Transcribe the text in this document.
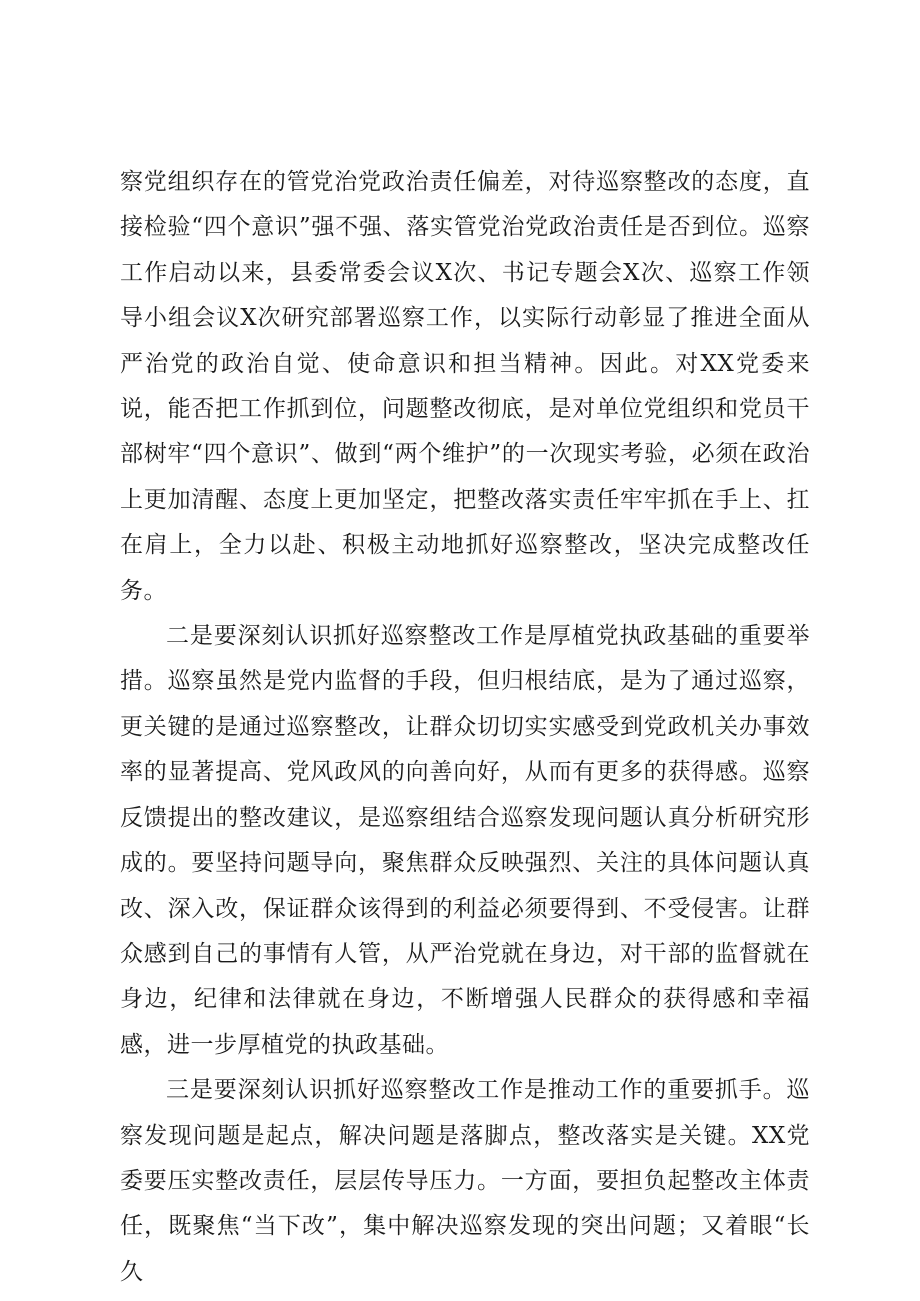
察党组织存在的管党治党政治责任偏差，对待巡察整改的态度，直接检验“四个意识”强不强、落实管党治党政治责任是否到位。巡察工作启动以来，县委常委会议X次、书记专题会X次、巡察工作领导小组会议X次研究部署巡察工作，以实际行动彰显了推进全面从严治党的政治自觉、使命意识和担当精神。因此。对XX党委来说，能否把工作抓到位，问题整改彻底，是对单位党组织和党员干部树牢“四个意识”、做到“两个维护”的一次现实考验，必须在政治上更加清醒、态度上更加坚定，把整改落实责任牢牢抓在手上、扛在肩上，全力以赴、积极主动地抓好巡察整改，坚决完成整改任务。

二是要深刻认识抓好巡察整改工作是厚植党执政基础的重要举措。巡察虽然是党内监督的手段，但归根结底，是为了通过巡察，更关键的是通过巡察整改，让群众切切实实感受到党政机关办事效率的显著提高、党风政风的向善向好，从而有更多的获得感。巡察反馈提出的整改建议，是巡察组结合巡察发现问题认真分析研究形成的。要坚持问题导向，聚焦群众反映强烈、关注的具体问题认真改、深入改，保证群众该得到的利益必须要得到、不受侵害。让群众感到自己的事情有人管，从严治党就在身边，对干部的监督就在身边，纪律和法律就在身边，不断增强人民群众的获得感和幸福感，进一步厚植党的执政基础。

三是要深刻认识抓好巡察整改工作是推动工作的重要抓手。巡察发现问题是起点，解决问题是落脚点，整改落实是关键。XX党委要压实整改责任，层层传导压力。一方面，要担负起整改主体责任，既聚焦“当下改”，集中解决巡察发现的突出问题；又着眼“长久
